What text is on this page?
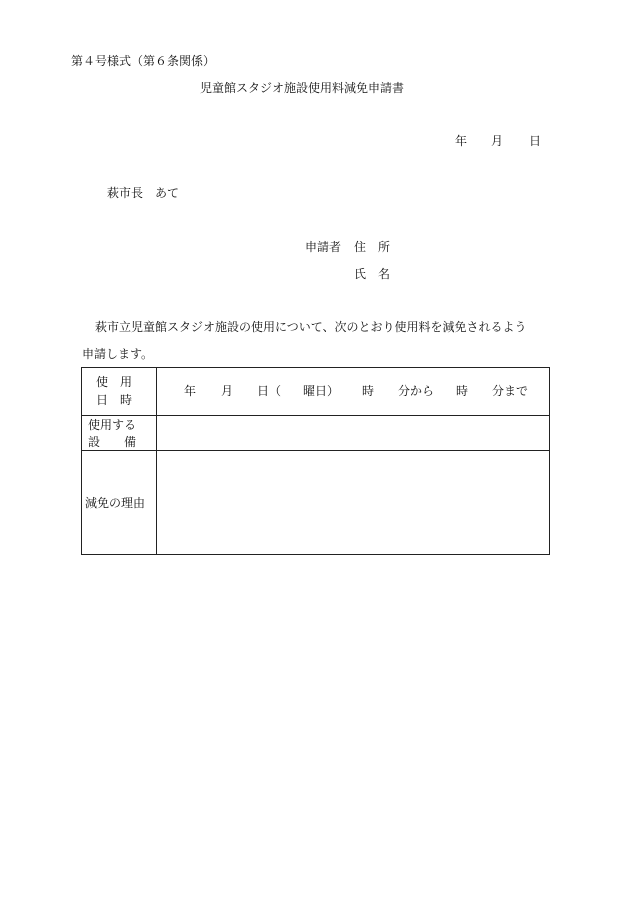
第４号様式（第６条関係）
児童館スタジオ施設使用料減免申請書
年 月 日
萩市長　あて
申請者 住　所
氏　名
萩市立児童館スタジオ施設の使用について、次のとおり使用料を減免されるよう
申請します。
使　用
日　時
年 月 日（ 曜日） 時 分から 時 分まで
使用する
設　　備
減免の理由
